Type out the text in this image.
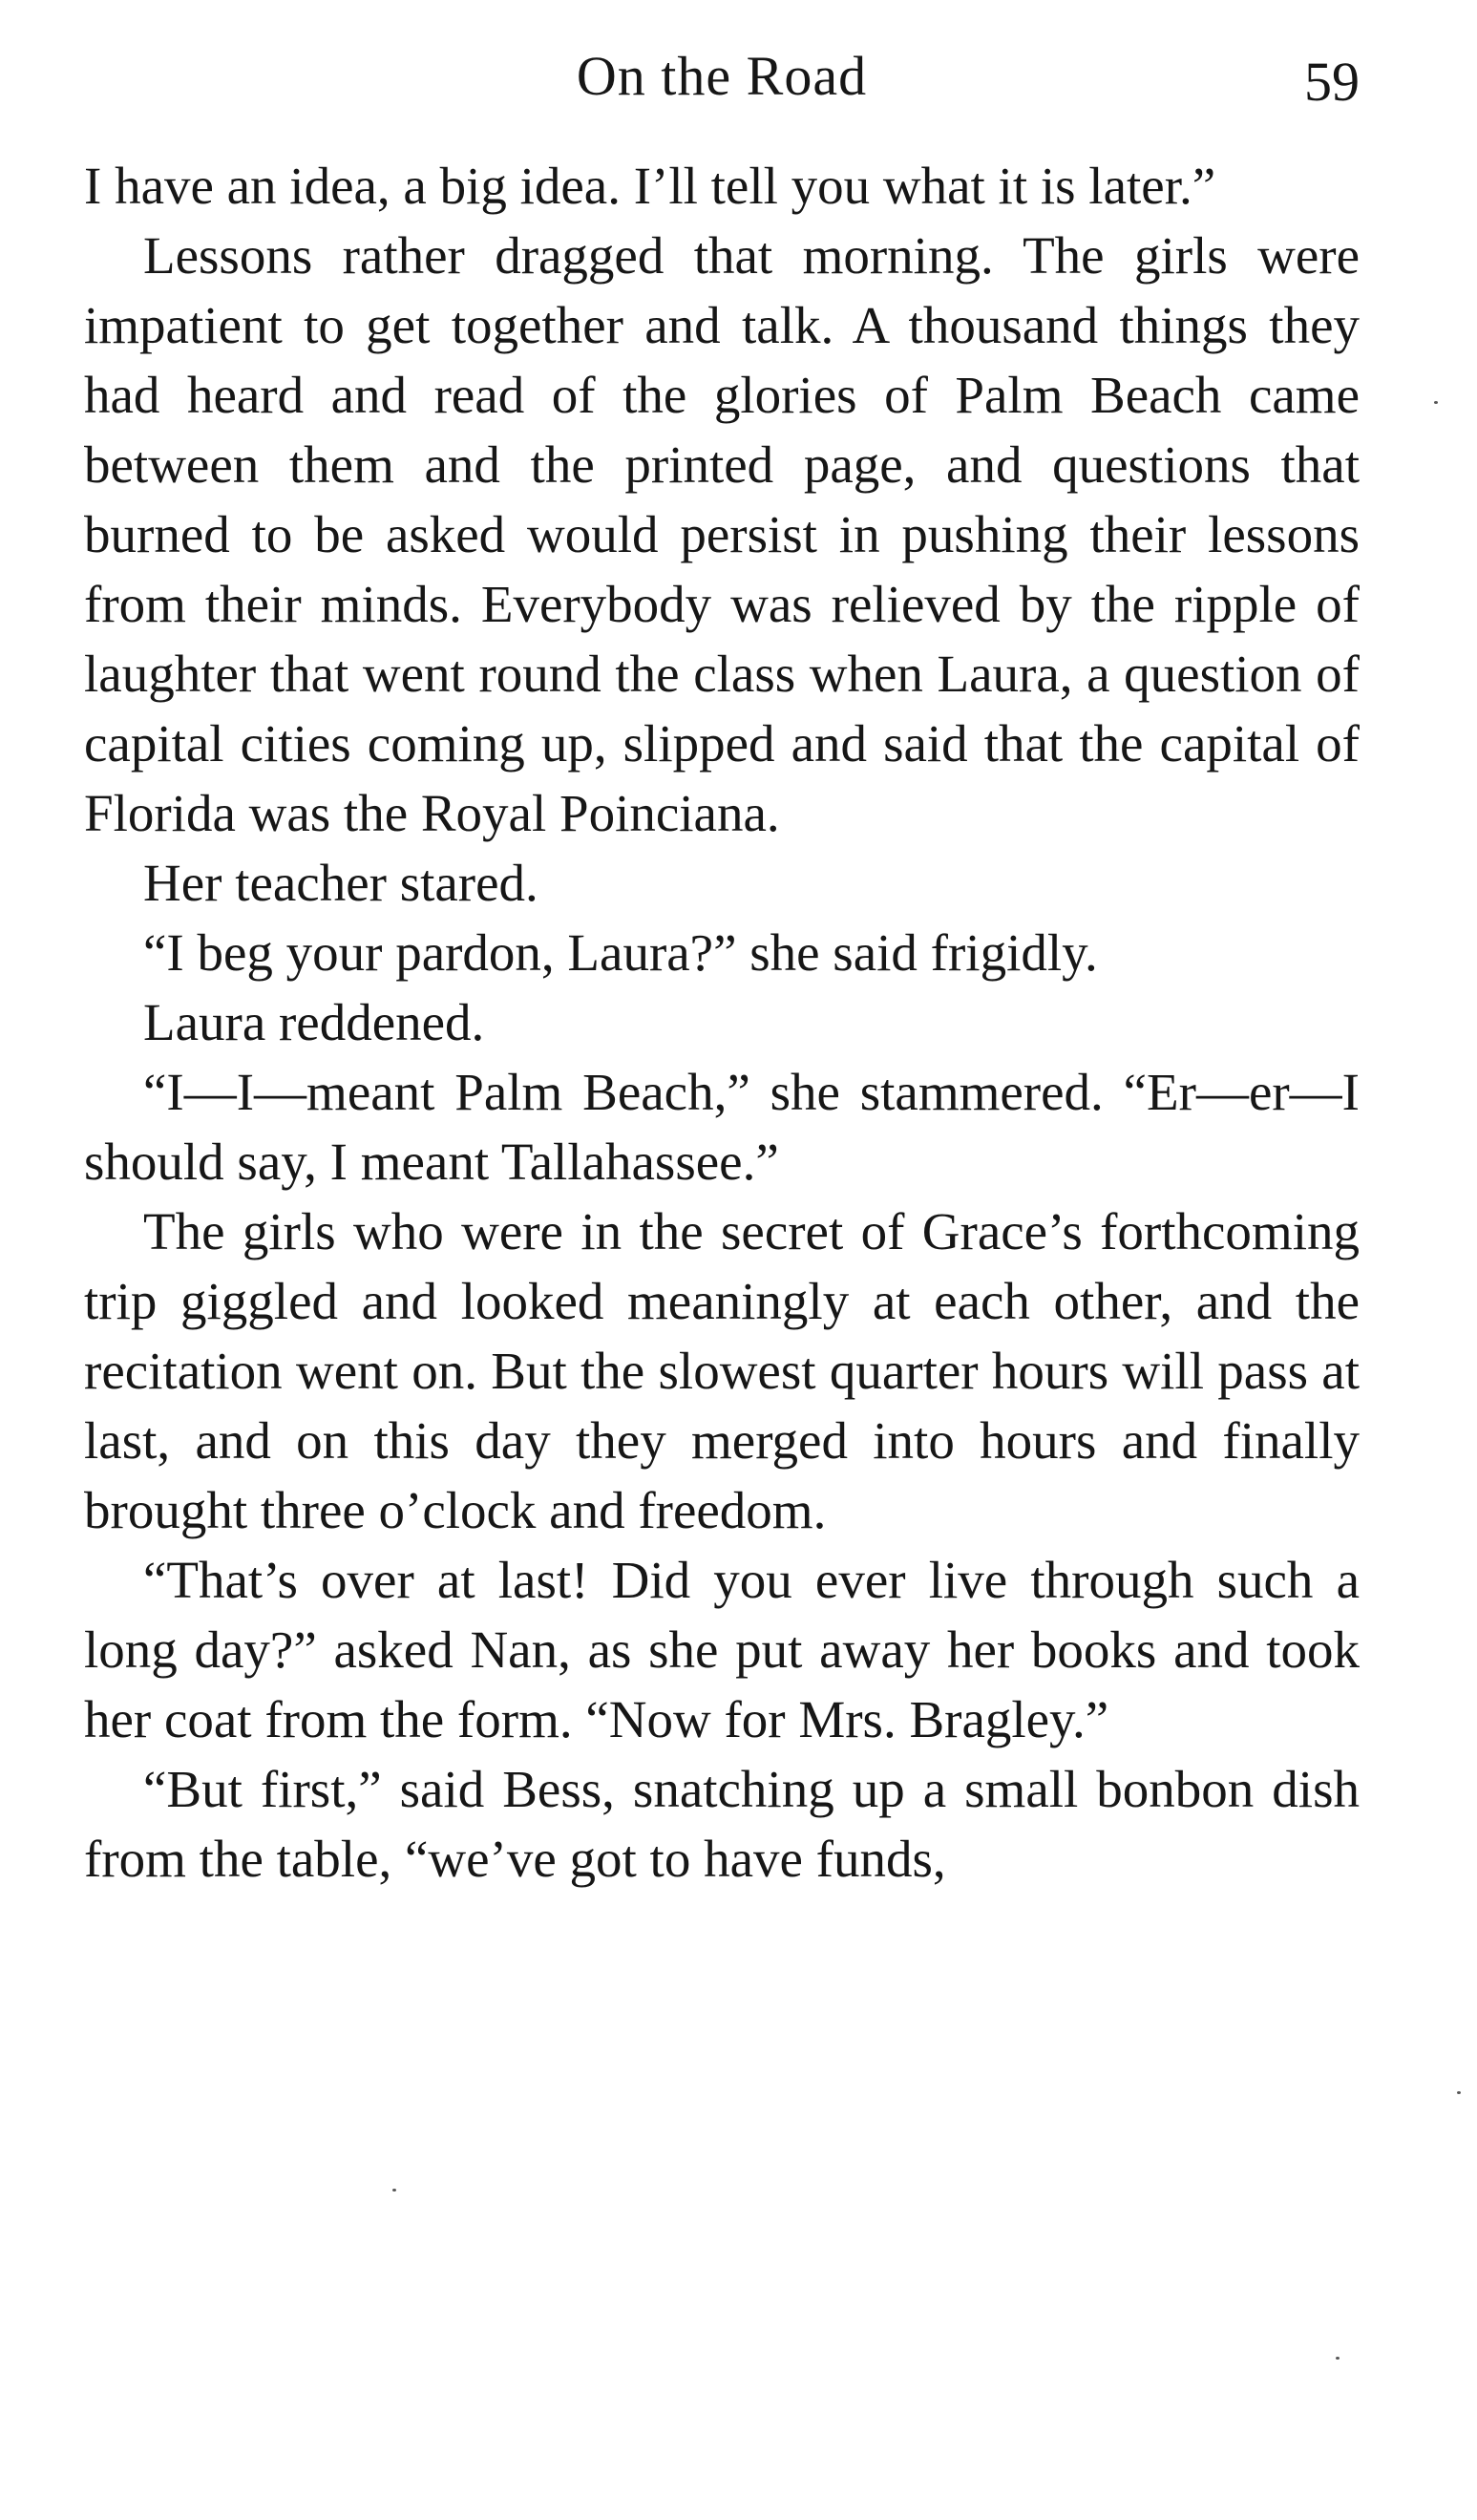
On the Road	59

I have an idea, a big idea. I’ll tell you what it is later.”

Lessons rather dragged that morning. The girls were impatient to get together and talk. A thousand things they had heard and read of the glories of Palm Beach came between them and the printed page, and questions that burned to be asked would persist in pushing their lessons from their minds. Everybody was relieved by the ripple of laughter that went round the class when Laura, a question of capital cities coming up, slipped and said that the capital of Florida was the Royal Poinciana.

Her teacher stared.

“I beg your pardon, Laura?” she said frigidly.

Laura reddened.

“I—I—meant Palm Beach,” she stammered. “Er—er—I should say, I meant Tallahassee.”

The girls who were in the secret of Grace’s forthcoming trip giggled and looked meaningly at each other, and the recitation went on. But the slowest quarter hours will pass at last, and on this day they merged into hours and finally brought three o’clock and freedom.

“That’s over at last! Did you ever live through such a long day?” asked Nan, as she put away her books and took her coat from the form. “Now for Mrs. Bragley.”

“But first,” said Bess, snatching up a small bonbon dish from the table, “we’ve got to have funds,
